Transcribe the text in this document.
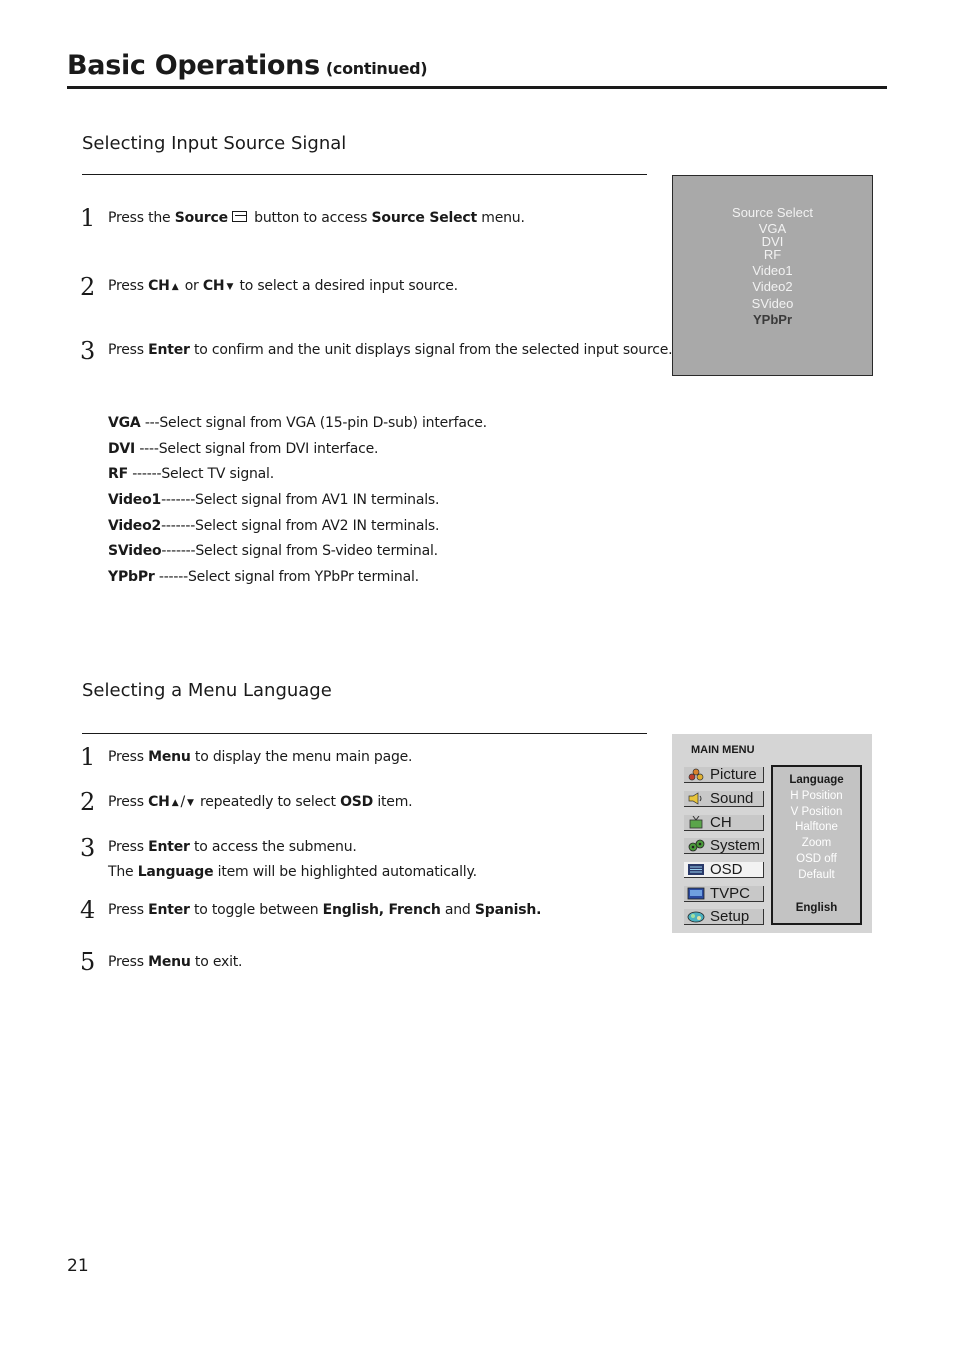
Basic Operations (continued)
Selecting Input Source Signal
1 Press the Source button to access Source Select menu.
2 Press CH ▲ or CH ▼ to select a desired input source.
3 Press Enter to confirm and the unit displays signal from the selected input source.
VGA ---Select signal from VGA (15-pin D-sub) interface.
DVI ----Select signal from DVI interface.
RF ------Select TV signal.
Video1-------Select signal from AV1 IN terminals.
Video2-------Select signal from AV2 IN terminals.
SVideo-------Select signal from S-video terminal.
YPbPr ------Select signal from YPbPr terminal.
Source Select
VGA
DVI
RF
Video1
Video2
SVideo
YPbPr
Selecting a Menu Language
1 Press Menu to display the menu main page.
2 Press CH ▲ / ▼ repeatedly to select OSD item.
3 Press Enter to access the submenu.
The Language item will be highlighted automatically.
4 Press Enter to toggle between English, French and Spanish.
5 Press Menu to exit.
MAIN MENU
Picture
Sound
CH
System
OSD
TVPC
Setup
Language
H Position
V Position
Halftone
Zoom
OSD off
Default
English
21
